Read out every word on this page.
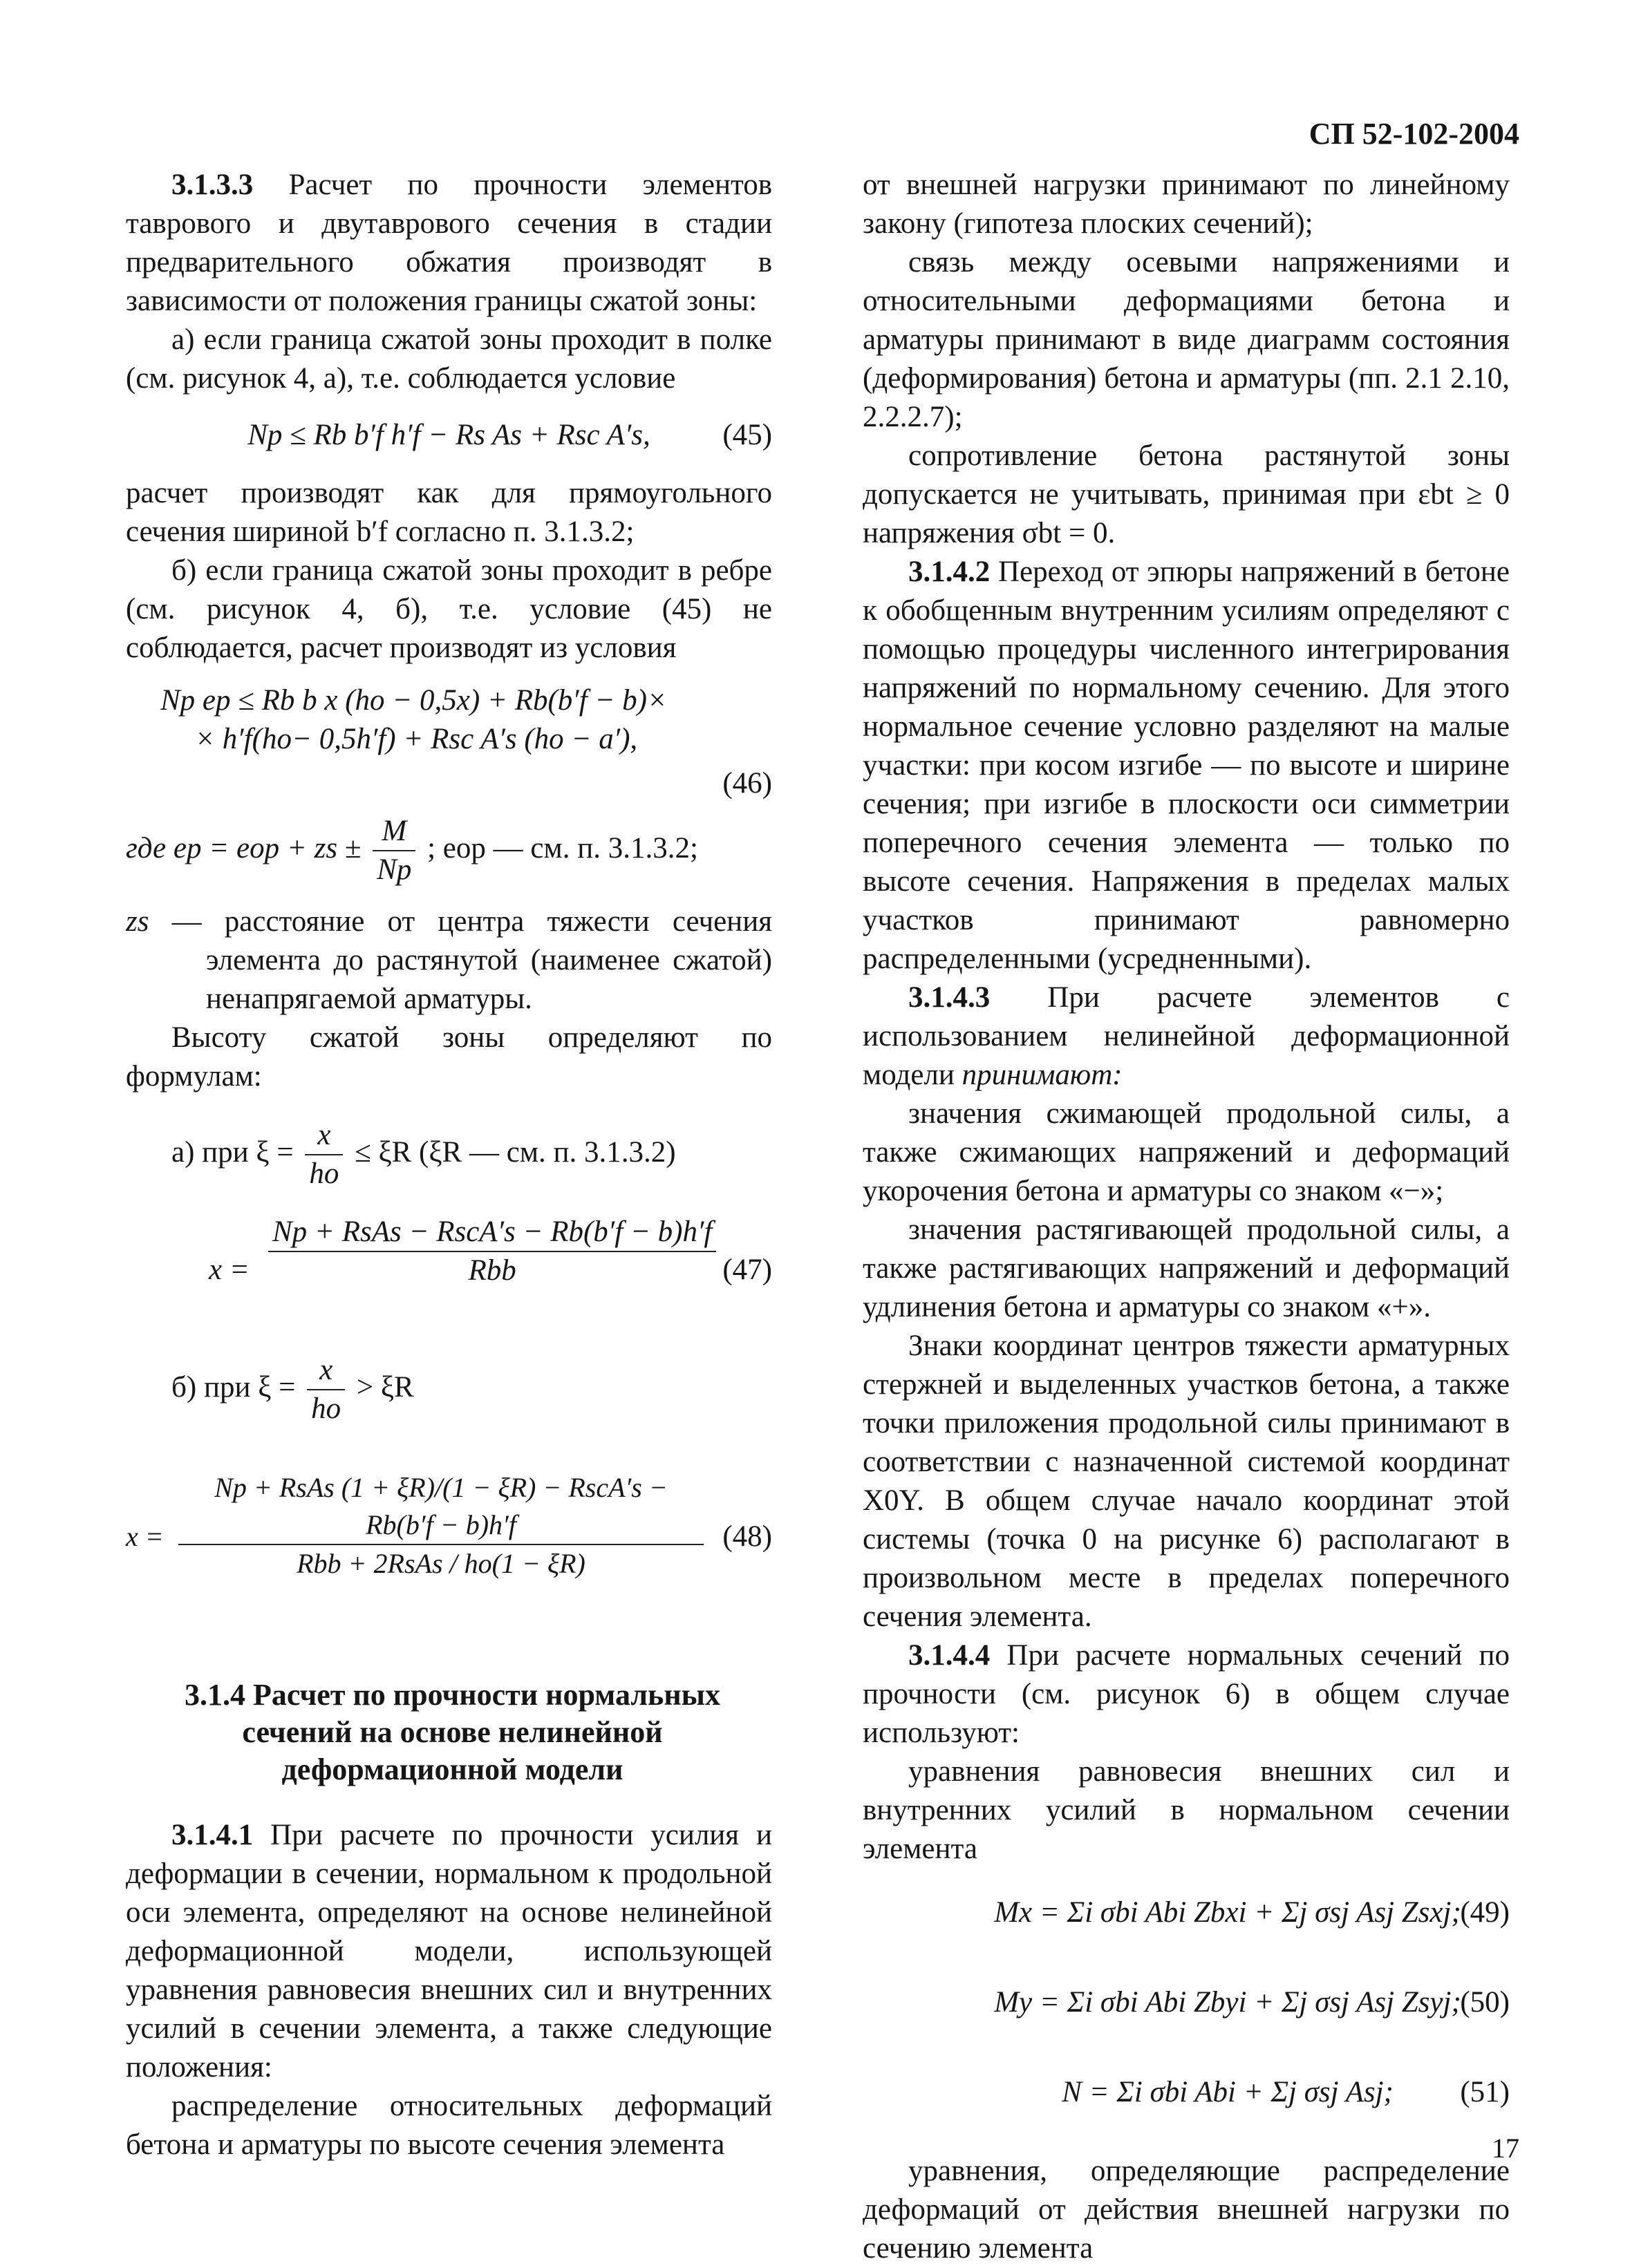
СП 52-102-2004

3.1.3.3 Расчет по прочности элементов таврового и двутаврового сечения в стадии предварительного обжатия производят в зависимости от положения границы сжатой зоны:

а) если граница сжатой зоны проходит в полке (см. рисунок 4, а), т.е. соблюдается условие

Np ≤ Rb b′f h′f − Rs As + Rsc A′s,	(45)

расчет производят как для прямоугольного сечения шириной b′f согласно п. 3.1.3.2;

б) если граница сжатой зоны проходит в ребре (см. рисунок 4, б), т.е. условие (45) не соблюдается, расчет производят из условия

Np ep ≤ Rb b x (ho − 0,5x) + Rb(b′f − b)×
× h′f(ho− 0,5h′f) + Rsc A′s (ho − a′),
(46)
где ep = eop + zs ± $\frac{M}{Np}$ ; eop — см. п. 3.1.3.2;

zs — расстояние от центра тяжести сечения элемента до растянутой (наименее сжатой) ненапрягаемой арматуры.

Высоту сжатой зоны определяют по формулам:

а) при $\xi = \frac{x}{ho} \le \xi R$ (ξR — см. п. 3.1.3.2)
x =
Np + RsAs − RscA′s − Rb(b′f − b)h′f
Rbb	(47)
б) при $\xi = \frac{x}{ho} > \xi R$
x =
Np + RsAs (1 + ξR)/(1 − ξR) − RscA′s − Rb(b′f − b)h′f
Rbb + 2RsAs / ho(1 − ξR)
(48)

3.1.4 Расчет по прочности нормальных сечений на основе нелинейной деформационной модели

3.1.4.1 При расчете по прочности усилия и деформации в сечении, нормальном к продольной оси элемента, определяют на основе нелинейной деформационной модели, использующей уравнения равновесия внешних сил и внутренних усилий в сечении элемента, а также следующие положения:

распределение относительных деформаций бетона и арматуры по высоте сечения элемента

от внешней нагрузки принимают по линейному закону (гипотеза плоских сечений);

связь между осевыми напряжениями и относительными деформациями бетона и арматуры принимают в виде диаграмм состояния (деформирования) бетона и арматуры (пп. 2.1 2.10, 2.2.2.7);

сопротивление бетона растянутой зоны допускается не учитывать, принимая при εbt ≥ 0 напряжения σbt = 0.

3.1.4.2 Переход от эпюры напряжений в бетоне к обобщенным внутренним усилиям определяют с помощью процедуры численного интегрирования напряжений по нормальному сечению. Для этого нормальное сечение условно разделяют на малые участки: при косом изгибе — по высоте и ширине сечения; при изгибе в плоскости оси симметрии поперечного сечения элемента — только по высоте сечения. Напряжения в пределах малых участков принимают равномерно распределенными (усредненными).

3.1.4.3 При расчете элементов с использованием нелинейной деформационной модели принимают:

значения сжимающей продольной силы, а также сжимающих напряжений и деформаций укорочения бетона и арматуры со знаком «−»;

значения растягивающей продольной силы, а также растягивающих напряжений и деформаций удлинения бетона и арматуры со знаком «+».

Знаки координат центров тяжести арматурных стержней и выделенных участков бетона, а также точки приложения продольной силы принимают в соответствии с назначенной системой координат X0Y. В общем случае начало координат этой системы (точка 0 на рисунке 6) располагают в произвольном месте в пределах поперечного сечения элемента.

3.1.4.4 При расчете нормальных сечений по прочности (см. рисунок 6) в общем случае используют:

уравнения равновесия внешних сил и внутренних усилий в нормальном сечении элемента

Mx = Σi σbi Abi Zbxi + Σj σsj Asj Zsxj;
(49)
My = Σi σbi Abi Zbyi + Σj σsj Asj Zsyj;
(50)
N = Σi σbi Abi + Σj σsj Asj;	(51)

уравнения, определяющие распределение деформаций от действия внешней нагрузки по сечению элемента

17
